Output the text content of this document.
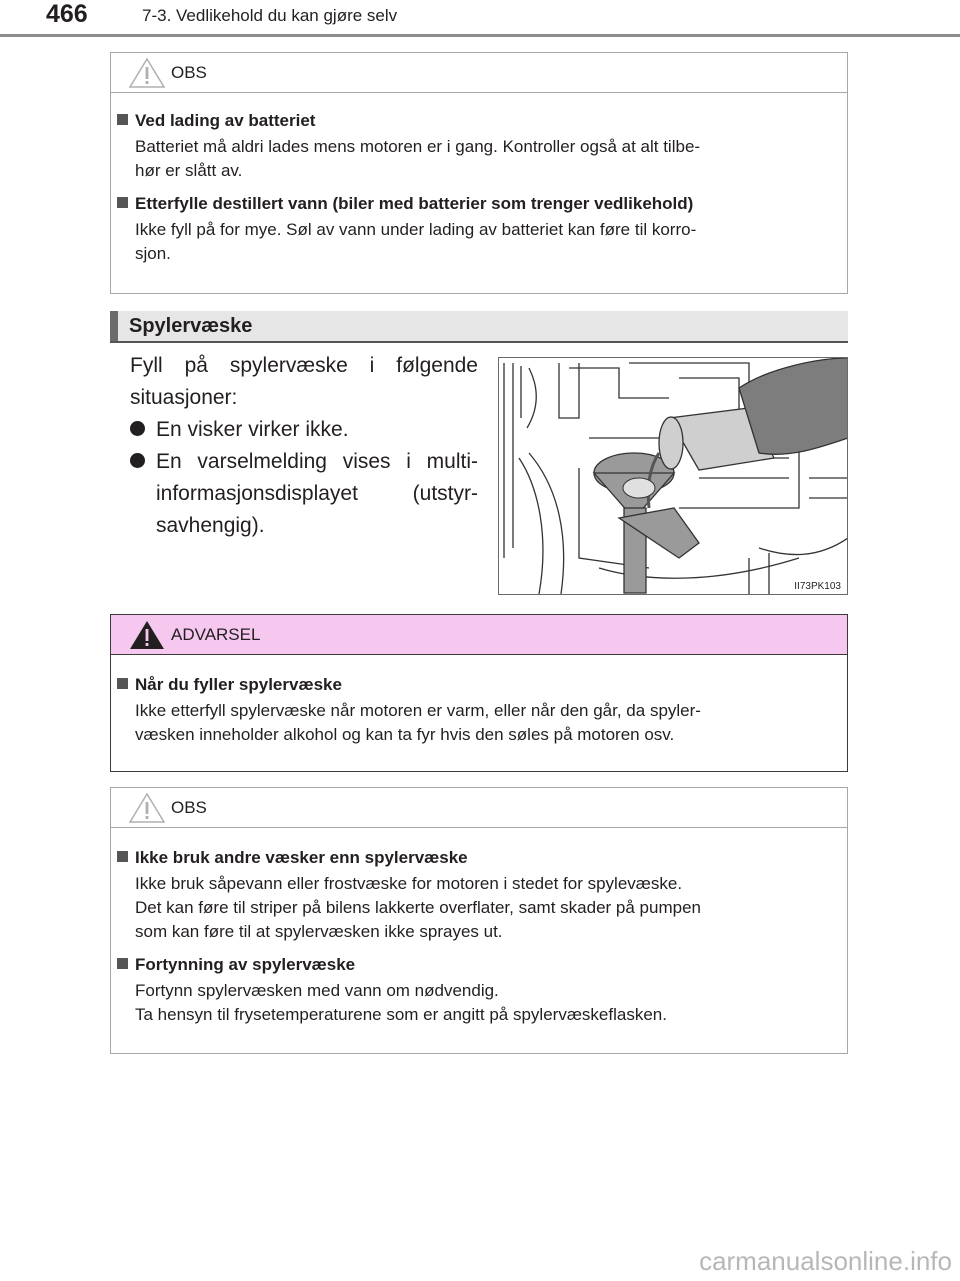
466	7-3. Vedlikehold du kan gjøre selv
OBS
Ved lading av batteriet
Batteriet må aldri lades mens motoren er i gang. Kontroller også at alt tilbe-
hør er slått av.
Etterfylle destillert vann (biler med batterier som trenger vedlikehold)
Ikke fyll på for mye. Søl av vann under lading av batteriet kan føre til korro-
sjon.
Spylervæske
Fyll på spylervæske i følgende
situasjoner:
En visker virker ikke.
En varselmelding vises i multi-
informasjonsdisplayet (utstyr-
savhengig).
II73PK103
ADVARSEL
Når du fyller spylervæske
Ikke etterfyll spylervæske når motoren er varm, eller når den går, da spyler-
væsken inneholder alkohol og kan ta fyr hvis den søles på motoren osv.
OBS
Ikke bruk andre væsker enn spylervæske
Ikke bruk såpevann eller frostvæske for motoren i stedet for spylevæske.
Det kan føre til striper på bilens lakkerte overflater, samt skader på pumpen
som kan føre til at spylervæsken ikke sprayes ut.
Fortynning av spylervæske
Fortynn spylervæsken med vann om nødvendig.
Ta hensyn til frysetemperaturene som er angitt på spylervæskeflasken.
carmanualsonline.info
